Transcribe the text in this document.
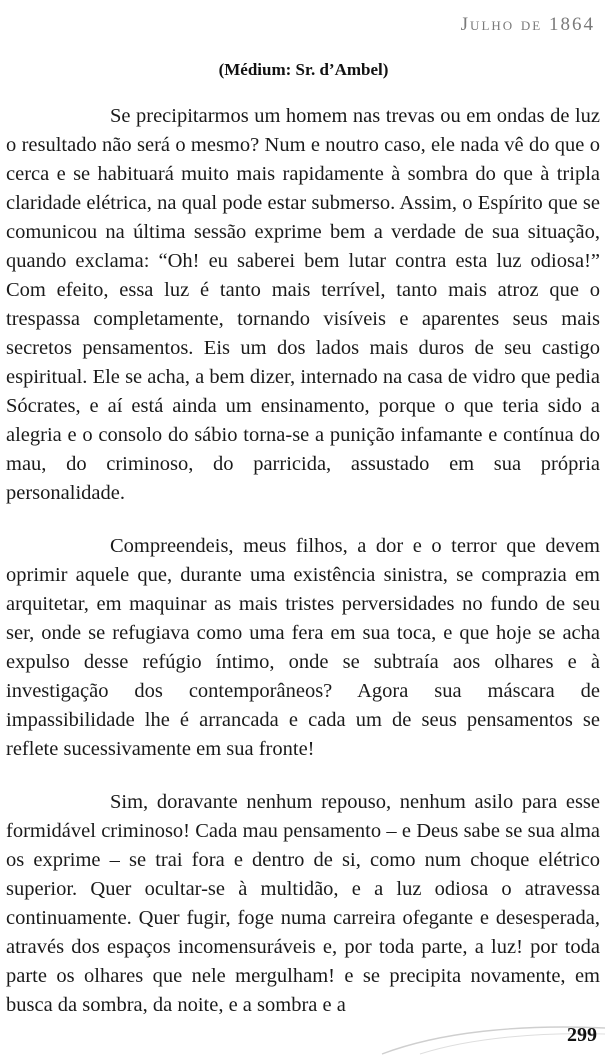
Julho de 1864
(Médium: Sr. d’Ambel)

Se precipitarmos um homem nas trevas ou em ondas de luz o resultado não será o mesmo? Num e noutro caso, ele nada vê do que o cerca e se habituará muito mais rapidamente à sombra do que à tripla claridade elétrica, na qual pode estar submerso. Assim, o Espírito que se comunicou na última sessão exprime bem a verdade de sua situação, quando exclama: “Oh! eu saberei bem lutar contra esta luz odiosa!” Com efeito, essa luz é tanto mais terrível, tanto mais atroz que o trespassa completamente, tornando visíveis e aparentes seus mais secretos pensamentos. Eis um dos lados mais duros de seu castigo espiritual. Ele se acha, a bem dizer, internado na casa de vidro que pedia Sócrates, e aí está ainda um ensinamento, porque o que teria sido a alegria e o consolo do sábio torna-se a punição infamante e contínua do mau, do criminoso, do parricida, assustado em sua própria personalidade.

Compreendeis, meus filhos, a dor e o terror que devem oprimir aquele que, durante uma existência sinistra, se comprazia em arquitetar, em maquinar as mais tristes perversidades no fundo de seu ser, onde se refugiava como uma fera em sua toca, e que hoje se acha expulso desse refúgio íntimo, onde se subtraía aos olhares e à investigação dos contemporâneos? Agora sua máscara de impassibilidade lhe é arrancada e cada um de seus pensamentos se reflete sucessivamente em sua fronte!

Sim, doravante nenhum repouso, nenhum asilo para esse formidável criminoso! Cada mau pensamento – e Deus sabe se sua alma os exprime – se trai fora e dentro de si, como num choque elétrico superior. Quer ocultar-se à multidão, e a luz odiosa o atravessa continuamente. Quer fugir, foge numa carreira ofegante e desesperada, através dos espaços incomensuráveis e, por toda parte, a luz! por toda parte os olhares que nele mergulham! e se precipita novamente, em busca da sombra, da noite, e a sombra e a

299
